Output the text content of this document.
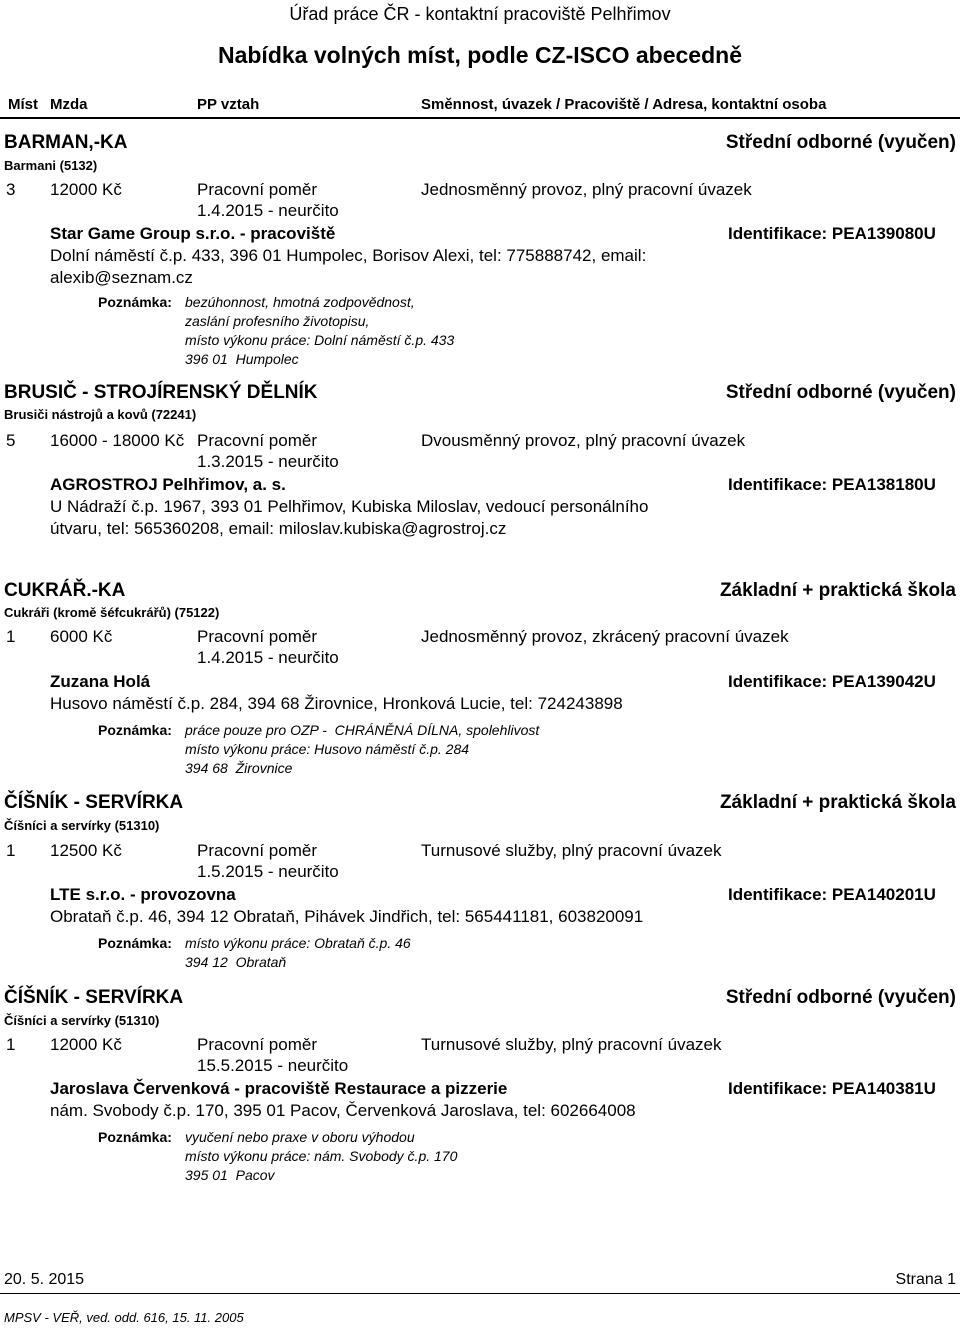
Úřad práce ČR - kontaktní pracoviště Pelhřimov
Nabídka volných míst, podle CZ-ISCO abecedně
Míst Mzda	PP vztah	Směnnost, úvazek / Pracoviště / Adresa, kontaktní osoba
BARMAN,-KA	Střední odborné (vyučen)
Barmani (5132)
3 12000 Kč	Pracovní poměr	Jednosměnný provoz, plný pracovní úvazek
1.4.2015 - neurčito
Star Game Group s.r.o. - pracoviště	Identifikace: PEA139080U
Dolní náměstí č.p. 433, 396 01 Humpolec, Borisov Alexi, tel: 775888742, email: alexib@seznam.cz
Poznámka: bezúhonnost, hmotná zodpovědnost,
zaslání profesního životopisu,
místo výkonu práce: Dolní náměstí č.p. 433
396 01  Humpolec
BRUSIČ - STROJÍRENSKÝ DĚLNÍK	Střední odborné (vyučen)
Brusiči nástrojů a kovů (72241)
5 16000 - 18000 Kč Pracovní poměr	Dvousměnný provoz, plný pracovní úvazek
1.3.2015 - neurčito
AGROSTROJ Pelhřimov, a. s.	Identifikace: PEA138180U
U Nádraží č.p. 1967, 393 01 Pelhřimov, Kubiska Miloslav, vedoucí personálního útvaru, tel: 565360208, email: miloslav.kubiska@agrostroj.cz
CUKRÁŘ.-KA	Základní + praktická škola
Cukráři (kromě šéfcukrářů) (75122)
1 6000 Kč	Pracovní poměr	Jednosměnný provoz, zkrácený pracovní úvazek
1.4.2015 - neurčito
Zuzana Holá	Identifikace: PEA139042U
Husovo náměstí č.p. 284, 394 68 Žirovnice, Hronková Lucie, tel: 724243898
Poznámka: práce pouze pro OZP -  CHRÁNĚNÁ DÍLNA, spolehlivost
místo výkonu práce: Husovo náměstí č.p. 284
394 68  Žirovnice
ČÍŠNÍK - SERVÍRKA	Základní + praktická škola
Číšníci a servírky (51310)
1 12500 Kč	Pracovní poměr	Turnusové služby, plný pracovní úvazek
1.5.2015 - neurčito
LTE s.r.o. - provozovna	Identifikace: PEA140201U
Obrataň č.p. 46, 394 12 Obrataň, Pihávek Jindřich, tel: 565441181, 603820091
Poznámka: místo výkonu práce: Obrataň č.p. 46
394 12  Obrataň
ČÍŠNÍK - SERVÍRKA	Střední odborné (vyučen)
Číšníci a servírky (51310)
1 12000 Kč	Pracovní poměr	Turnusové služby, plný pracovní úvazek
15.5.2015 - neurčito
Jaroslava Červenková - pracoviště Restaurace a pizzerie	Identifikace: PEA140381U
nám. Svobody č.p. 170, 395 01 Pacov, Červenková Jaroslava, tel: 602664008
Poznámka: vyučení nebo praxe v oboru výhodou
místo výkonu práce: nám. Svobody č.p. 170
395 01  Pacov
20. 5. 2015	Strana 1
MPSV - VEŘ, ved. odd. 616, 15. 11. 2005
